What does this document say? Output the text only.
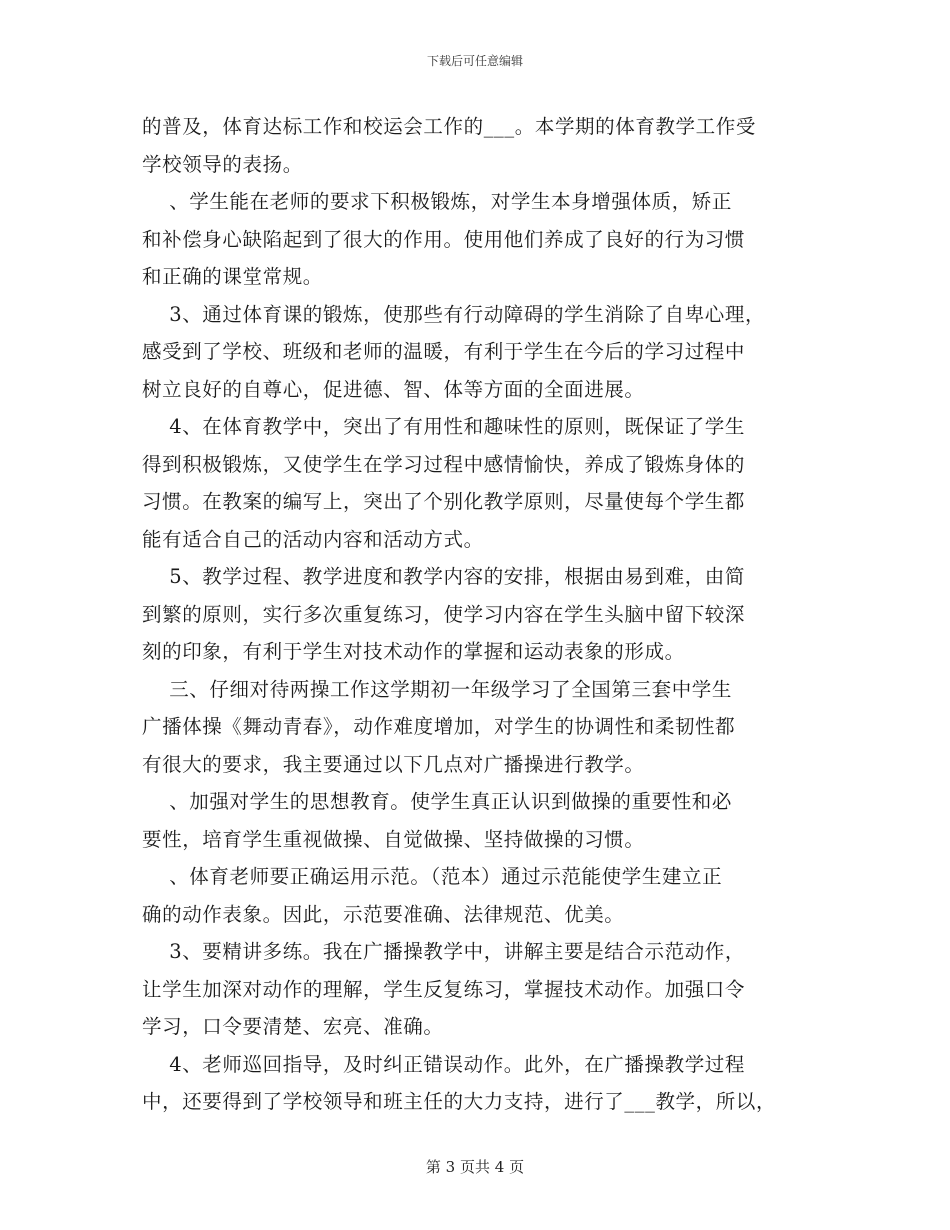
下载后可任意编辑
的普及，体育达标工作和校运会工作的___。本学期的体育教学工作受
学校领导的表扬。
、学生能在老师的要求下积极锻炼，对学生本身增强体质，矫正
和补偿身心缺陷起到了很大的作用。使用他们养成了良好的行为习惯
和正确的课堂常规。
3、通过体育课的锻炼，使那些有行动障碍的学生消除了自卑心理，
感受到了学校、班级和老师的温暖，有利于学生在今后的学习过程中
树立良好的自尊心，促进德、智、体等方面的全面进展。
4、在体育教学中，突出了有用性和趣味性的原则，既保证了学生
得到积极锻炼，又使学生在学习过程中感情愉快，养成了锻炼身体的
习惯。在教案的编写上，突出了个别化教学原则，尽量使每个学生都
能有适合自己的活动内容和活动方式。
5、教学过程、教学进度和教学内容的安排，根据由易到难，由简
到繁的原则，实行多次重复练习，使学习内容在学生头脑中留下较深
刻的印象，有利于学生对技术动作的掌握和运动表象的形成。
三、仔细对待两操工作这学期初一年级学习了全国第三套中学生
广播体操《舞动青春》，动作难度增加，对学生的协调性和柔韧性都
有很大的要求，我主要通过以下几点对广播操进行教学。
、加强对学生的思想教育。使学生真正认识到做操的重要性和必
要性，培育学生重视做操、自觉做操、坚持做操的习惯。
、体育老师要正确运用示范。（范本）通过示范能使学生建立正
确的动作表象。因此，示范要准确、法律规范、优美。
3、要精讲多练。我在广播操教学中，讲解主要是结合示范动作，
让学生加深对动作的理解，学生反复练习，掌握技术动作。加强口令
学习，口令要清楚、宏亮、准确。
4、老师巡回指导，及时纠正错误动作。此外，在广播操教学过程
中，还要得到了学校领导和班主任的大力支持，进行了___教学，所以，
第 3 页共 4 页
